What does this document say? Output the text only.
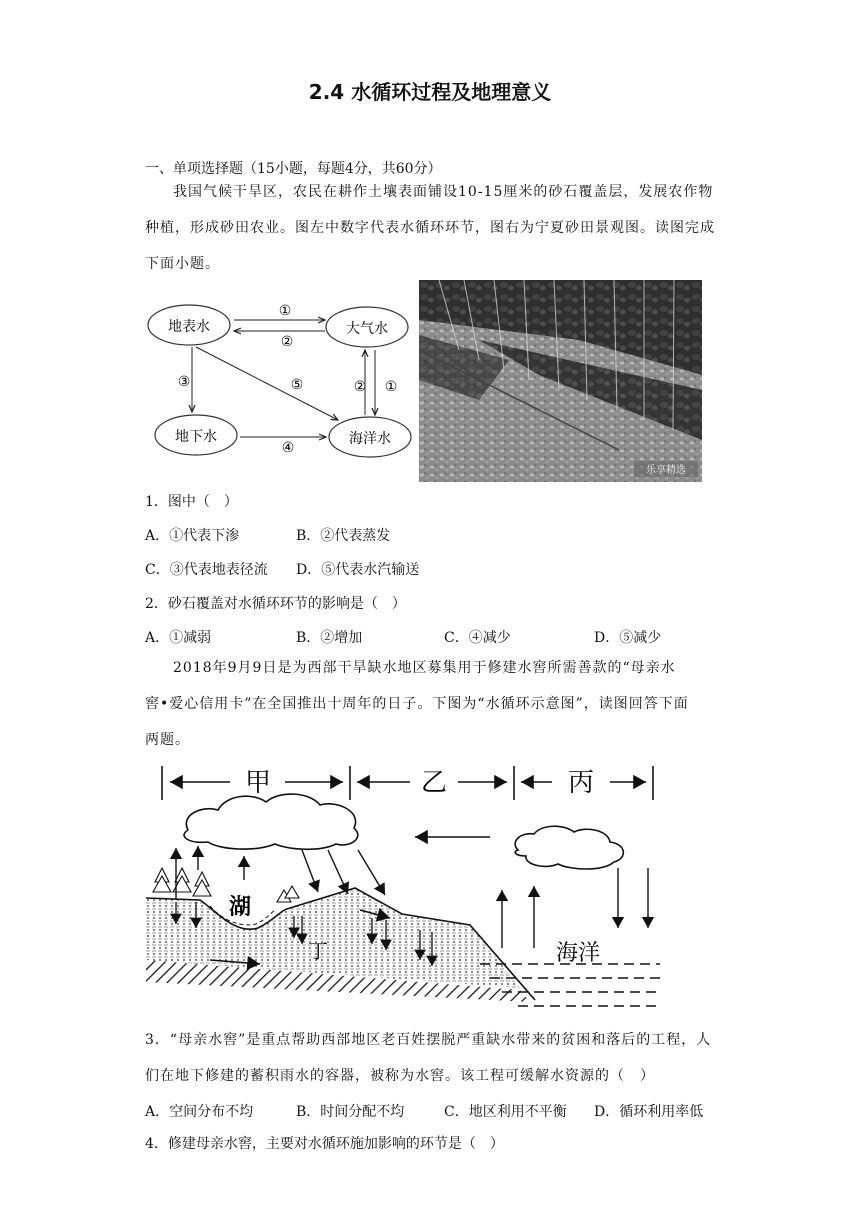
2.4 水循环过程及地理意义
一、单项选择题（15小题，每题4分，共60分）
我国气候干旱区，农民在耕作土壤表面铺设10-15厘米的砂石覆盖层，发展农作物
种植，形成砂田农业。图左中数字代表水循环环节，图右为宁夏砂田景观图。读图完成
下面小题。
地表水	大气水
地下水	海洋水
①
②
③
④
⑤	② ①
乐享精选
1．图中（　）
A．①代表下渗	B．②代表蒸发
C．③代表地表径流 D．⑤代表水汽输送
2．砂石覆盖对水循环环节的影响是（　）
A．①减弱	B．②增加	C．④减少	D．⑤减少
2018年9月9日是为西部干旱缺水地区募集用于修建水窖所需善款的“母亲水
窖•爱心信用卡”在全国推出十周年的日子。下图为“水循环示意图”，读图回答下面
两题。
甲	乙	丙
湖
丁	海洋
3．“母亲水窖”是重点帮助西部地区老百姓摆脱严重缺水带来的贫困和落后的工程，人
们在地下修建的蓄积雨水的容器，被称为水窖。该工程可缓解水资源的（　）
A．空间分布不均	B．时间分配不均	C．地区利用不平衡 D．循环利用率低
4．修建母亲水窖，主要对水循环施加影响的环节是（　）
